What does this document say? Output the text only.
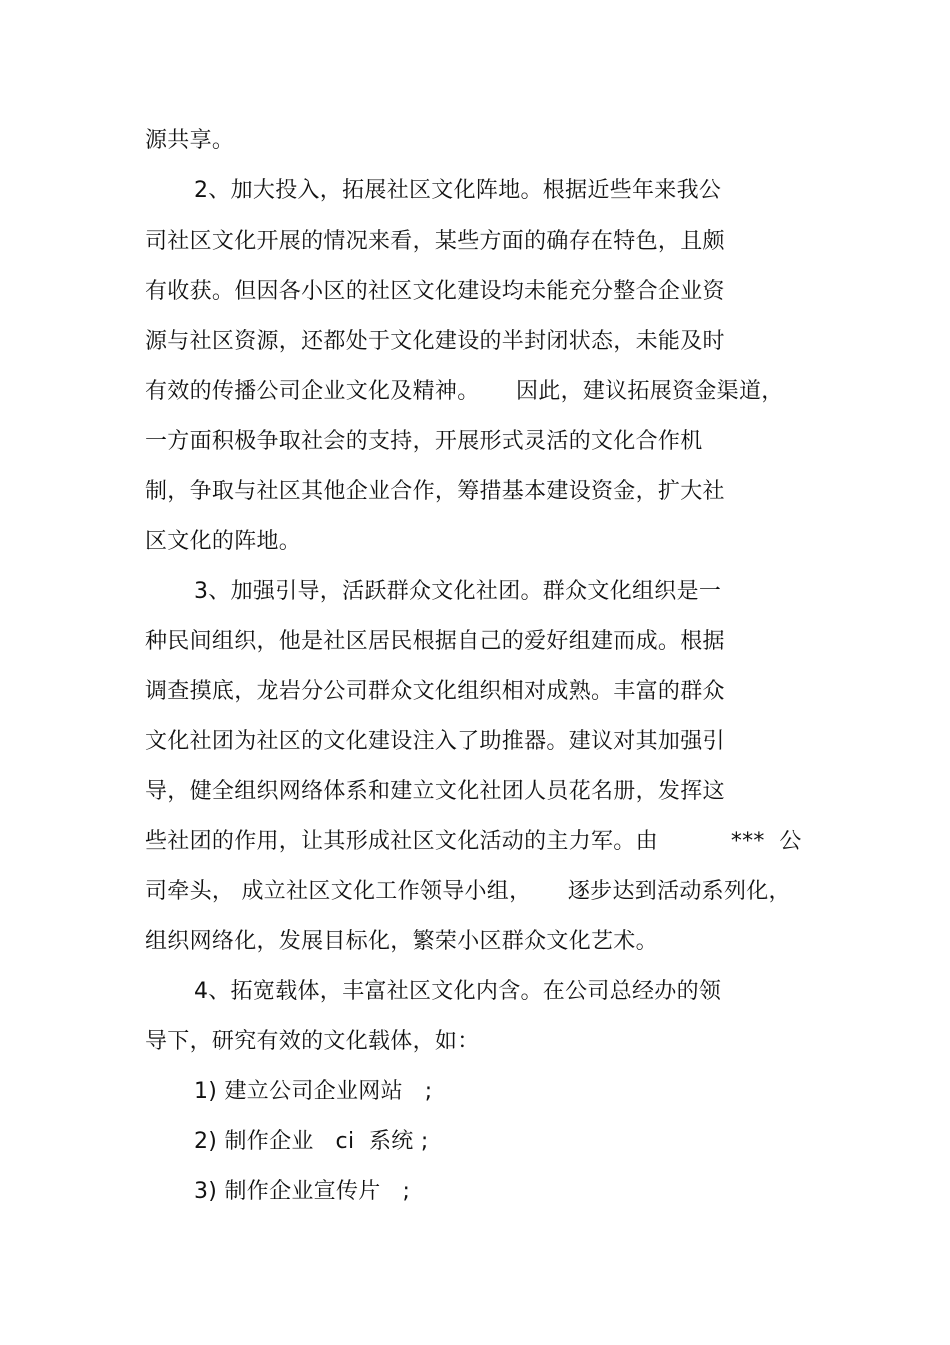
源共享。
2、加大投入，拓展社区文化阵地。根据近些年来我公
司社区文化开展的情况来看，某些方面的确存在特色，且颇
有收获。但因各小区的社区文化建设均未能充分整合企业资
源与社区资源，还都处于文化建设的半封闭状态，未能及时
有效的传播公司企业文化及精神。     因此，建议拓展资金渠道，
一方面积极争取社会的支持，开展形式灵活的文化合作机
制，争取与社区其他企业合作，筹措基本建设资金，扩大社
区文化的阵地。
3、加强引导，活跃群众文化社团。群众文化组织是一
种民间组织，他是社区居民根据自己的爱好组建而成。根据
调查摸底，龙岩分公司群众文化组织相对成熟。丰富的群众
文化社团为社区的文化建设注入了助推器。建议对其加强引
导，健全组织网络体系和建立文化社团人员花名册，发挥这
些社团的作用，让其形成社区文化活动的主力军。由          ***  公
司牵头， 成立社区文化工作领导小组，     逐步达到活动系列化，
组织网络化，发展目标化，繁荣小区群众文化艺术。
4、拓宽载体，丰富社区文化内含。在公司总经办的领
导下，研究有效的文化载体，如：
1) 建立公司企业网站   ;
2) 制作企业   ci  系统 ;
3) 制作企业宣传片   ;
